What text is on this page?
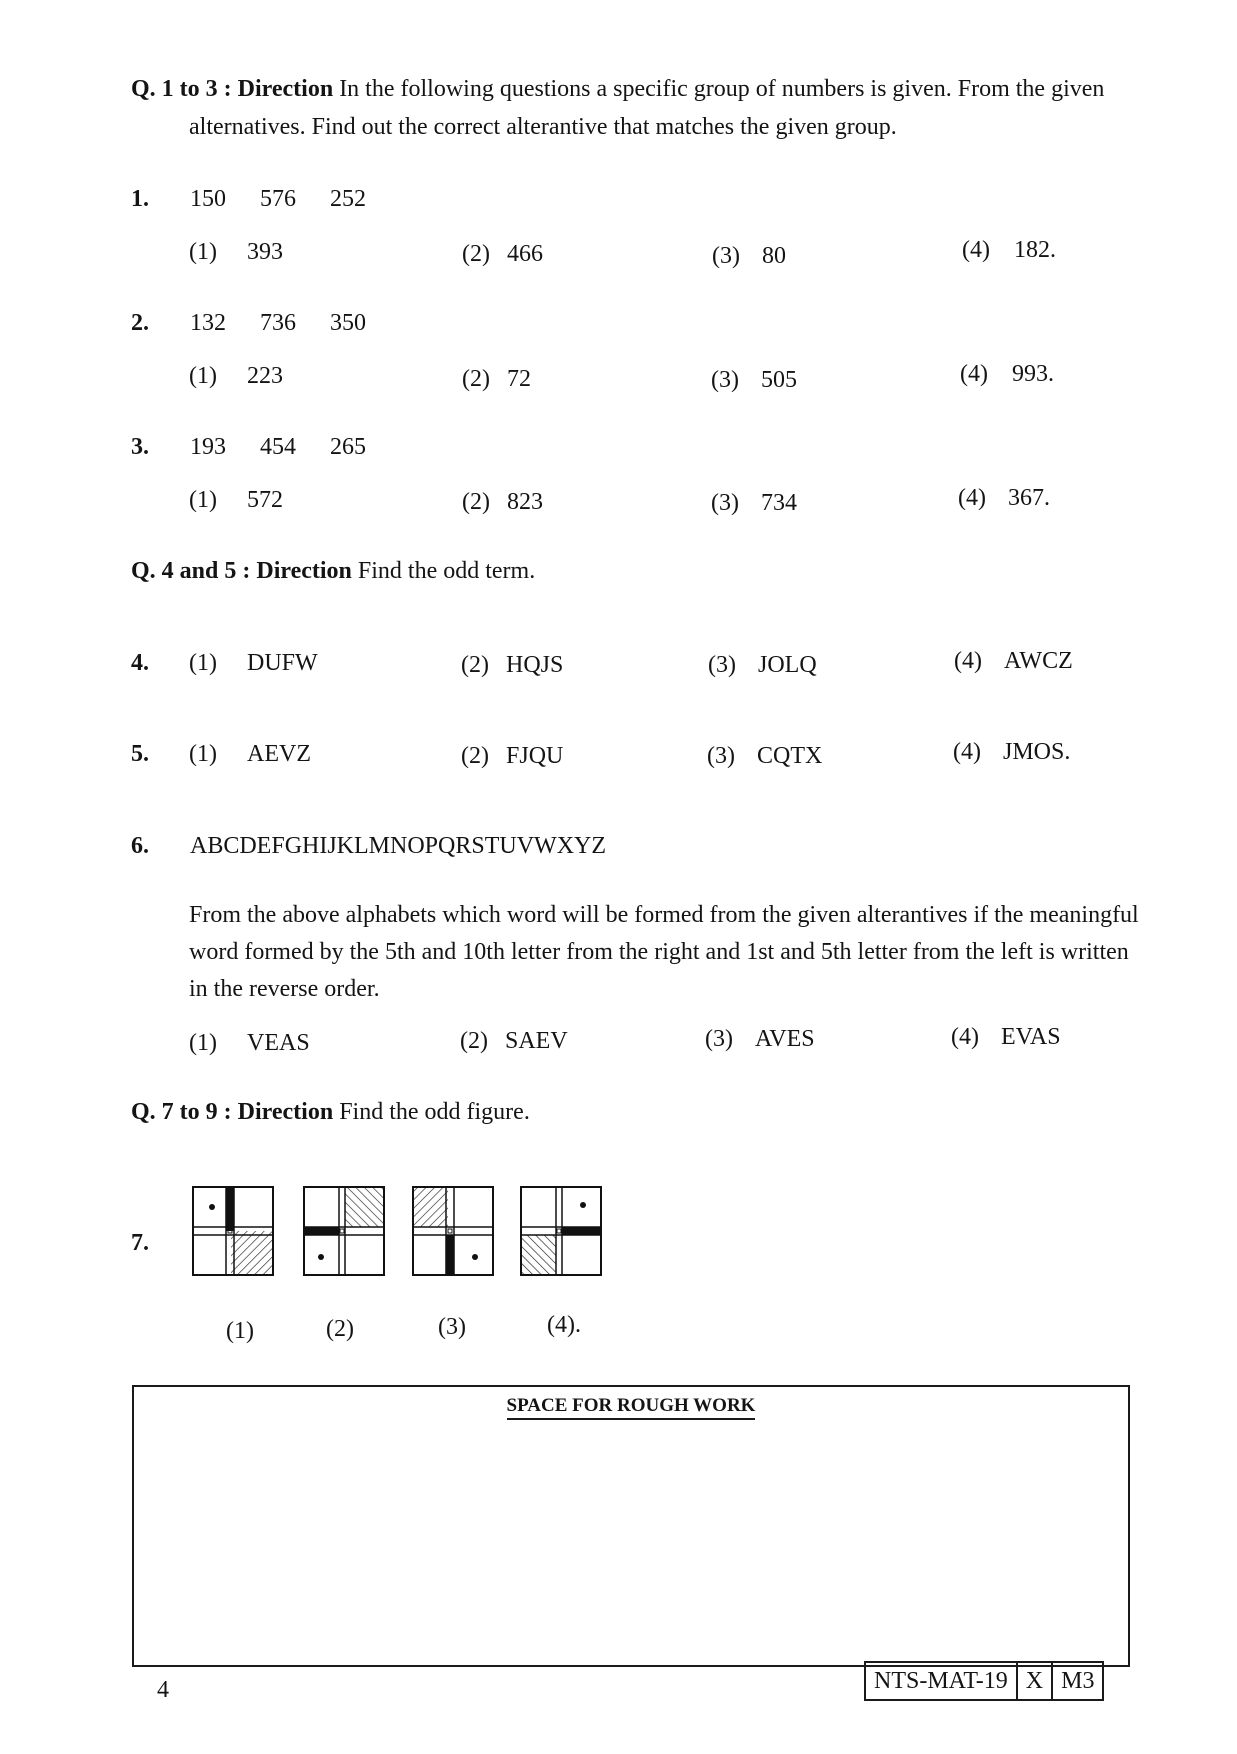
Q. 1 to 3 : Direction In the following questions a specific group of numbers is given. From the given
alternatives. Find out the correct alterantive that matches the given group.
1. 150 576 252
(1) 393	(2) 466	(3) 80	(4) 182.
2. 132 736 350
(1) 223	(2) 72	(3) 505	(4) 993.
3. 193 454 265
(1) 572	(2) 823	(3) 734	(4) 367.
Q. 4 and 5 : Direction Find the odd term.
4. (1) DUFW	(2) HQJS	(3) JOLQ	(4) AWCZ
5. (1) AEVZ	(2) FJQU	(3) CQTX	(4) JMOS.
6. ABCDEFGHIJKLMNOPQRSTUVWXYZ
From the above alphabets which word will be formed from the given alterantives if the meaningful
word formed by the 5th and 10th letter from the right and 1st and 5th letter from the left is written
in the reverse order.
(1) VEAS	(2) SAEV	(3) AVES	(4) EVAS
Q. 7 to 9 : Direction Find the odd figure.
7.
(1)	(2)	(3)	(4).
SPACE FOR ROUGH WORK
4	NTS-MAT-19 X M3
